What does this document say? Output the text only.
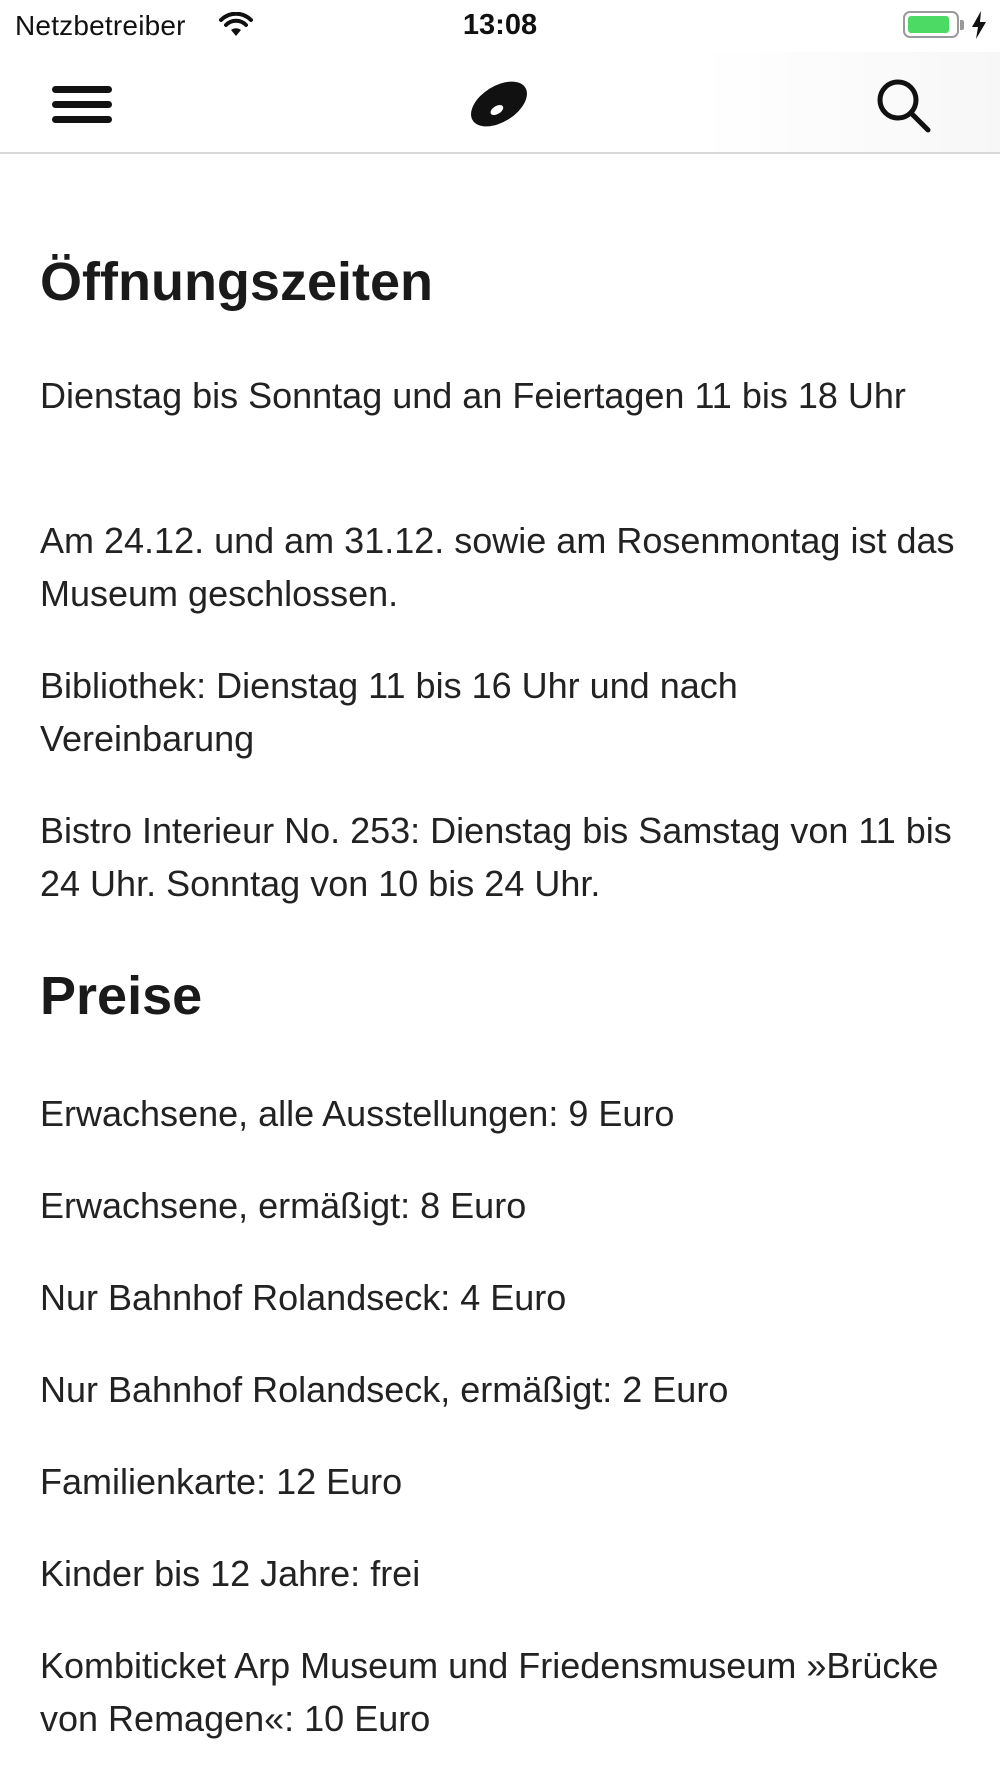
Netzbetreiber	13:08
Öffnungszeiten

Dienstag bis Sonntag und an Feiertagen 11 bis 18 Uhr

Am 24.12. und am 31.12. sowie am Rosenmontag ist das Museum geschlossen.

Bibliothek: Dienstag 11 bis 16 Uhr und nach Vereinbarung

Bistro Interieur No. 253: Dienstag bis Samstag von 11 bis 24 Uhr. Sonntag von 10 bis 24 Uhr.

Preise

Erwachsene, alle Ausstellungen: 9 Euro

Erwachsene, ermäßigt: 8 Euro

Nur Bahnhof Rolandseck: 4 Euro

Nur Bahnhof Rolandseck, ermäßigt: 2 Euro

Familienkarte: 12 Euro

Kinder bis 12 Jahre: frei

Kombiticket Arp Museum und Friedensmuseum »Brücke von Remagen«: 10 Euro
